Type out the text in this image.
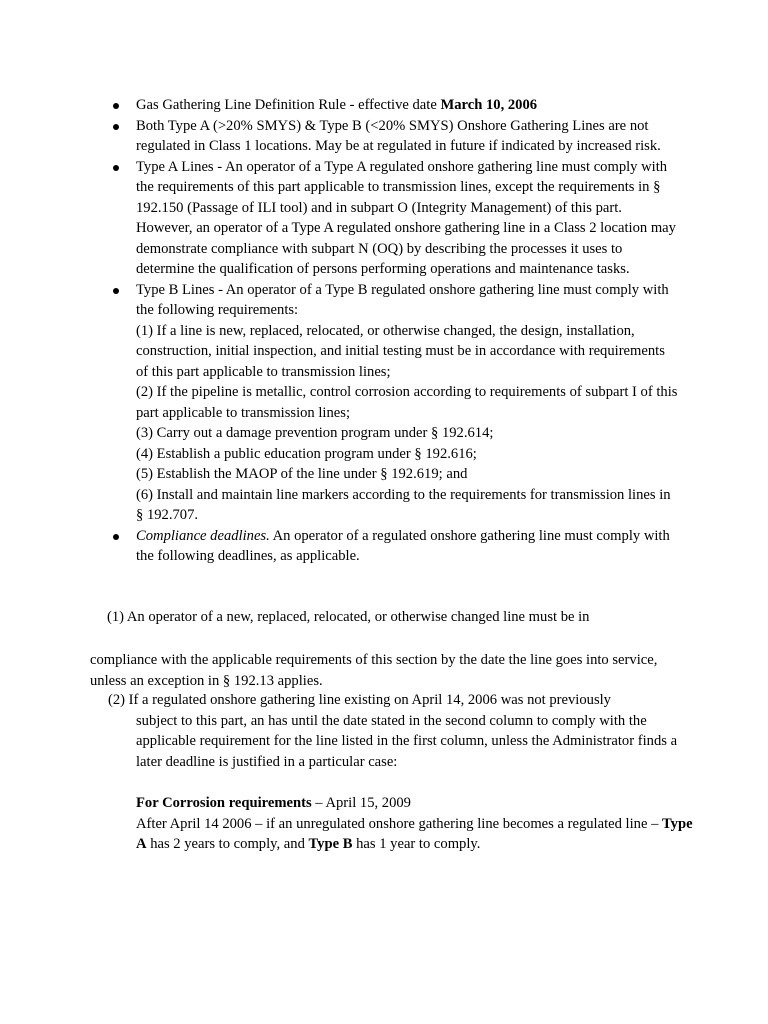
Gas Gathering Line Definition Rule - effective date March 10, 2006
Both Type A (>20% SMYS) & Type B (<20% SMYS) Onshore Gathering Lines are not regulated in Class 1 locations. May be at regulated in future if indicated by increased risk.
Type A Lines - An operator of a Type A regulated onshore gathering line must comply with the requirements of this part applicable to transmission lines, except the requirements in § 192.150 (Passage of ILI tool) and in subpart O (Integrity Management) of this part. However, an operator of a Type A regulated onshore gathering line in a Class 2 location may demonstrate compliance with subpart N (OQ) by describing the processes it uses to determine the qualification of persons performing operations and maintenance tasks.
Type B Lines - An operator of a Type B regulated onshore gathering line must comply with the following requirements:
(1) If a line is new, replaced, relocated, or otherwise changed, the design, installation, construction, initial inspection, and initial testing must be in accordance with requirements of this part applicable to transmission lines;
(2) If the pipeline is metallic, control corrosion according to requirements of subpart I of this part applicable to transmission lines;
(3) Carry out a damage prevention program under § 192.614;
(4) Establish a public education program under § 192.616;
(5) Establish the MAOP of the line under § 192.619; and
(6) Install and maintain line markers according to the requirements for transmission lines in § 192.707.
Compliance deadlines. An operator of a regulated onshore gathering line must comply with the following deadlines, as applicable.
(1) An operator of a new, replaced, relocated, or otherwise changed line must be in
compliance with the applicable requirements of this section by the date the line goes into service, unless an exception in § 192.13 applies.
(2) If a regulated onshore gathering line existing on April 14, 2006 was not previously
subject to this part, an has until the date stated in the second column to comply with the applicable requirement for the line listed in the first column, unless the Administrator finds a later deadline is justified in a particular case:
For Corrosion requirements – April 15, 2009
After April 14 2006 – if an unregulated onshore gathering line becomes a regulated line – Type A has 2 years to comply, and Type B has 1 year to comply.
